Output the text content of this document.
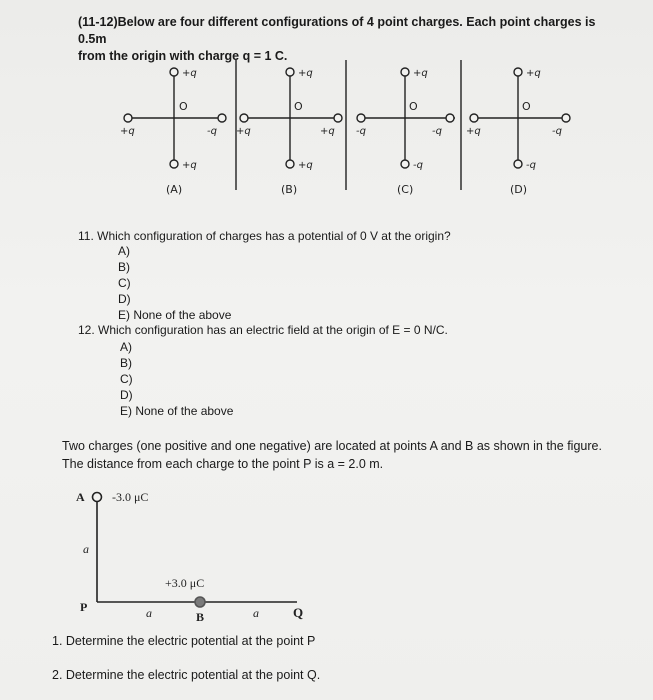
(11-12)Below are four different configurations of 4 point charges. Each point charges is 0.5m
from the origin with charge q = 1 C.
+q
+q	-q
+q
O
(A)
+q
+q	+q
+q
O
(B)
+q
-q	-q
-q
O
(C)
+q
+q	-q
-q
O
(D)
A -3.0 μC
a
+3.0 μC
P	a	B	a	Q
11. Which configuration of charges has a potential of 0 V at the origin?
A)
B)
C)
D)
E) None of the above
12. Which configuration has an electric field at the origin of E = 0 N/C.
A)
B)
C)
D)
E) None of the above
Two charges (one positive and one negative) are located at points A and B as shown in the figure. The distance from each charge to the point P is a = 2.0 m.
1. Determine the electric potential at the point P
2. Determine the electric potential at the point Q.
